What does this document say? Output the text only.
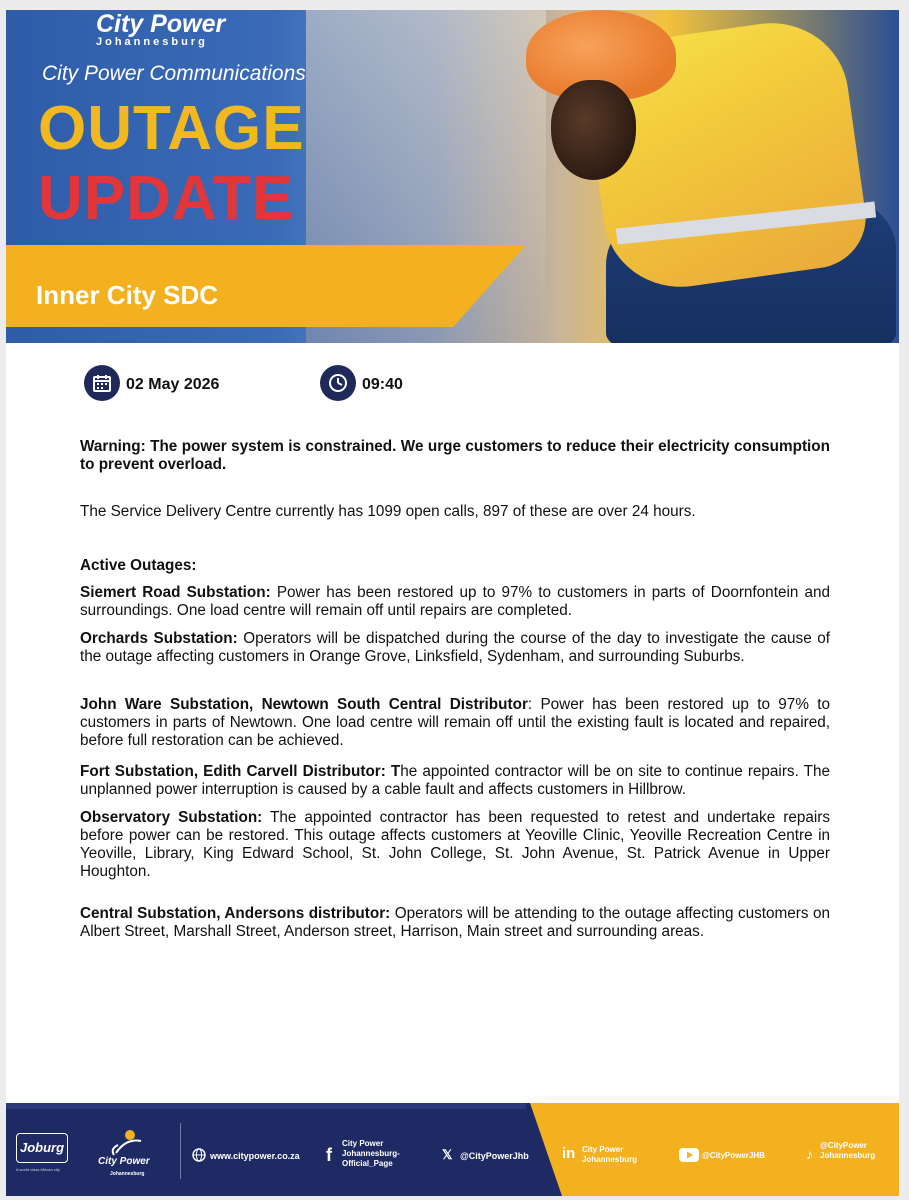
City Power
Johannesburg
City Power Communications
OUTAGE
UPDATE
Inner City SDC
02 May 2026	09:40
Warning: The power system is constrained. We urge customers to reduce their electricity consumption to prevent overload.
The Service Delivery Centre currently has 1099 open calls, 897 of these are over 24 hours.
Active Outages:
Siemert Road Substation: Power has been restored up to 97% to customers in parts of Doornfontein and surroundings. One load centre will remain off until repairs are completed.
Orchards Substation: Operators will be dispatched during the course of the day to investigate the cause of the outage affecting customers in Orange Grove, Linksfield, Sydenham, and surrounding Suburbs.
John Ware Substation, Newtown South Central Distributor: Power has been restored up to 97% to customers in parts of Newtown. One load centre will remain off until the existing fault is located and repaired, before full restoration can be achieved.
Fort Substation, Edith Carvell Distributor: The appointed contractor will be on site to continue repairs. The unplanned power interruption is caused by a cable fault and affects customers in Hillbrow.
Observatory Substation: The appointed contractor has been requested to retest and undertake repairs before power can be restored. This outage affects customers at Yeoville Clinic, Yeoville Recreation Centre in Yeoville, Library, King Edward School, St. John College, St. John Avenue, St. Patrick Avenue in Upper Houghton.
Central Substation, Andersons distributor: Operators will be attending to the outage affecting customers on Albert Street, Marshall Street, Anderson street, Harrison, Main street and surrounding areas.
Joburg
A world class African city
City Power
Johannesburg
www.citypower.co.za f
City Power Johannesburg-Official_Page
𝕏 @CityPowerJhb in City Power Johannesburg	@CityPowerJHB	♪
@CityPower Johannesburg
